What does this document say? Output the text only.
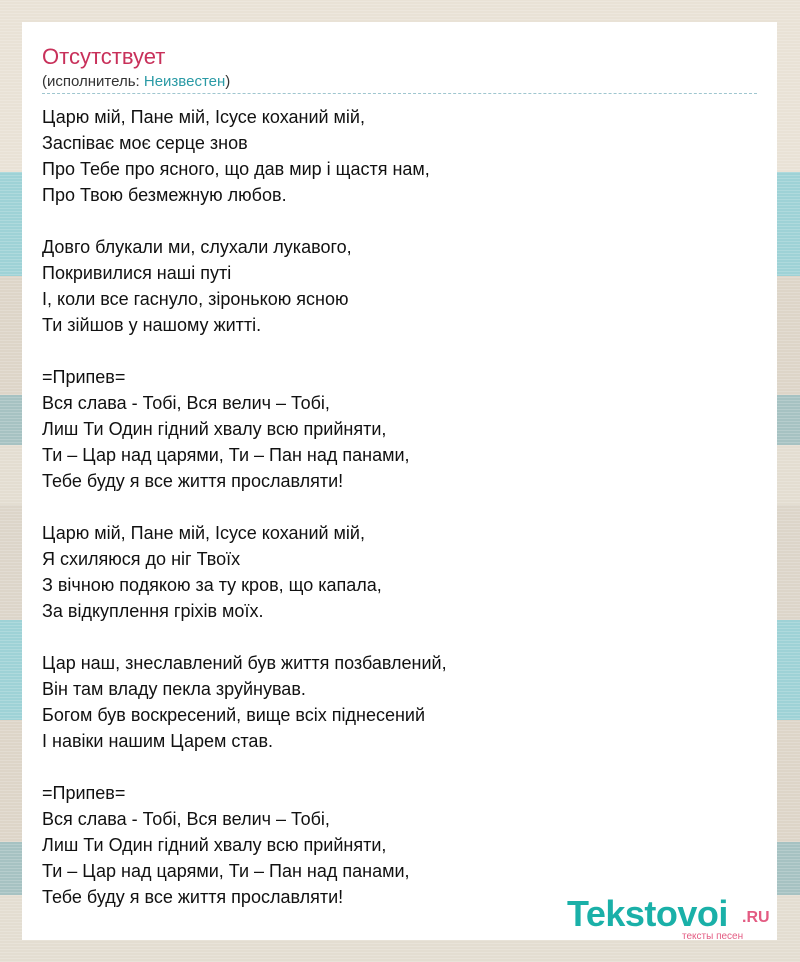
Отсутствует
(исполнитель: Неизвестен)
Царю мій, Пане мій, Ісусе коханий мій,
Заспіває моє серце знов
Про Тебе про ясного, що дав мир і щастя нам,
Про Твою безмежную любов.
Довго блукали ми, слухали лукавого,
Покривилися наші путі
І, коли все гаснуло, зіронькою ясною
Ти зійшов у нашому житті.
=Припев=
Вся слава - Тобі, Вся велич – Тобі,
Лиш Ти Один гідний хвалу всю прийняти,
Ти – Цар над царями, Ти – Пан над панами,
Тебе буду я все життя прославляти!
Царю мій, Пане мій, Ісусе коханий мій,
Я схиляюся до ніг Твоїх
З вічною подякою за ту кров, що капала,
За відкуплення гріхів моїх.
Цар наш, знеславлений був життя позбавлений,
Він там владу пекла зруйнував.
Богом був воскресений, вище всіх піднесений
І навіки нашим Царем став.
=Припев=
Вся слава - Тобі, Вся велич – Тобі,
Лиш Ти Один гідний хвалу всю прийняти,
Ти – Цар над царями, Ти – Пан над панами,
Тебе буду я все життя прославляти!	Tekstovoi .RU
тексты песен
